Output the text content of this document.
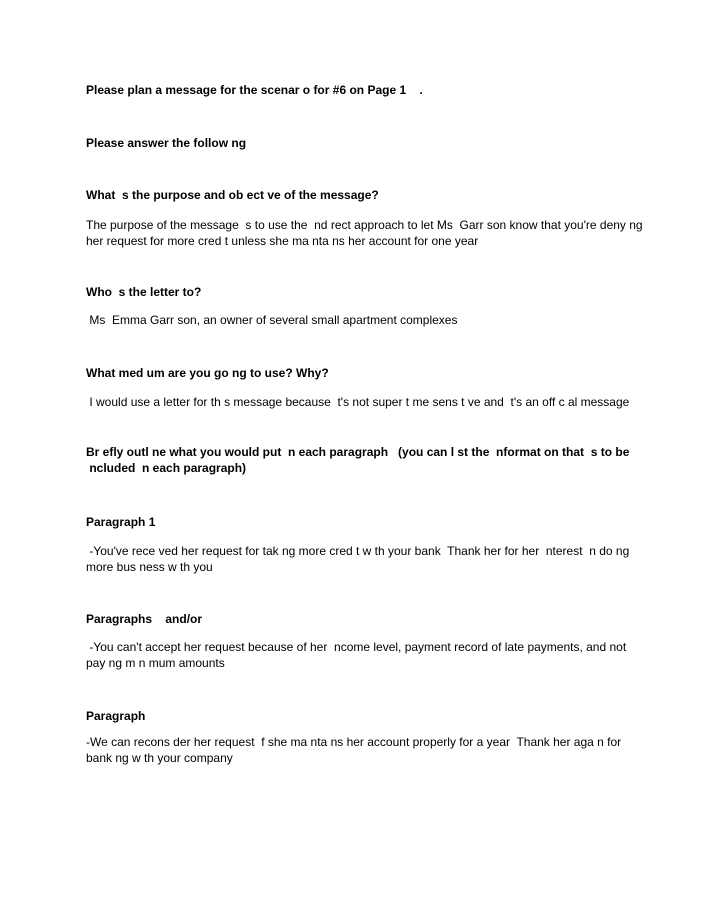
Please plan a message for the scenar o for #6 on Page 1    .
Please answer the follow ng
What  s the purpose and ob ect ve of the message?
The purpose of the message  s to use the  nd rect approach to let Ms  Garr son know that you're deny ng
her request for more cred t unless she ma nta ns her account for one year
Who  s the letter to?
Ms  Emma Garr son, an owner of several small apartment complexes
What med um are you go ng to use? Why?
I would use a letter for th s message because  t's not super t me sens t ve and  t's an off c al message
Br efly outl ne what you would put  n each paragraph   (you can l st the  nformat on that  s to be
ncluded  n each paragraph)
Paragraph 1
-You've rece ved her request for tak ng more cred t w th your bank  Thank her for her  nterest  n do ng
more bus ness w th you
Paragraphs    and/or
-You can't accept her request because of her  ncome level, payment record of late payments, and not
pay ng m n mum amounts
Paragraph
-We can recons der her request  f she ma nta ns her account properly for a year  Thank her aga n for
bank ng w th your company
